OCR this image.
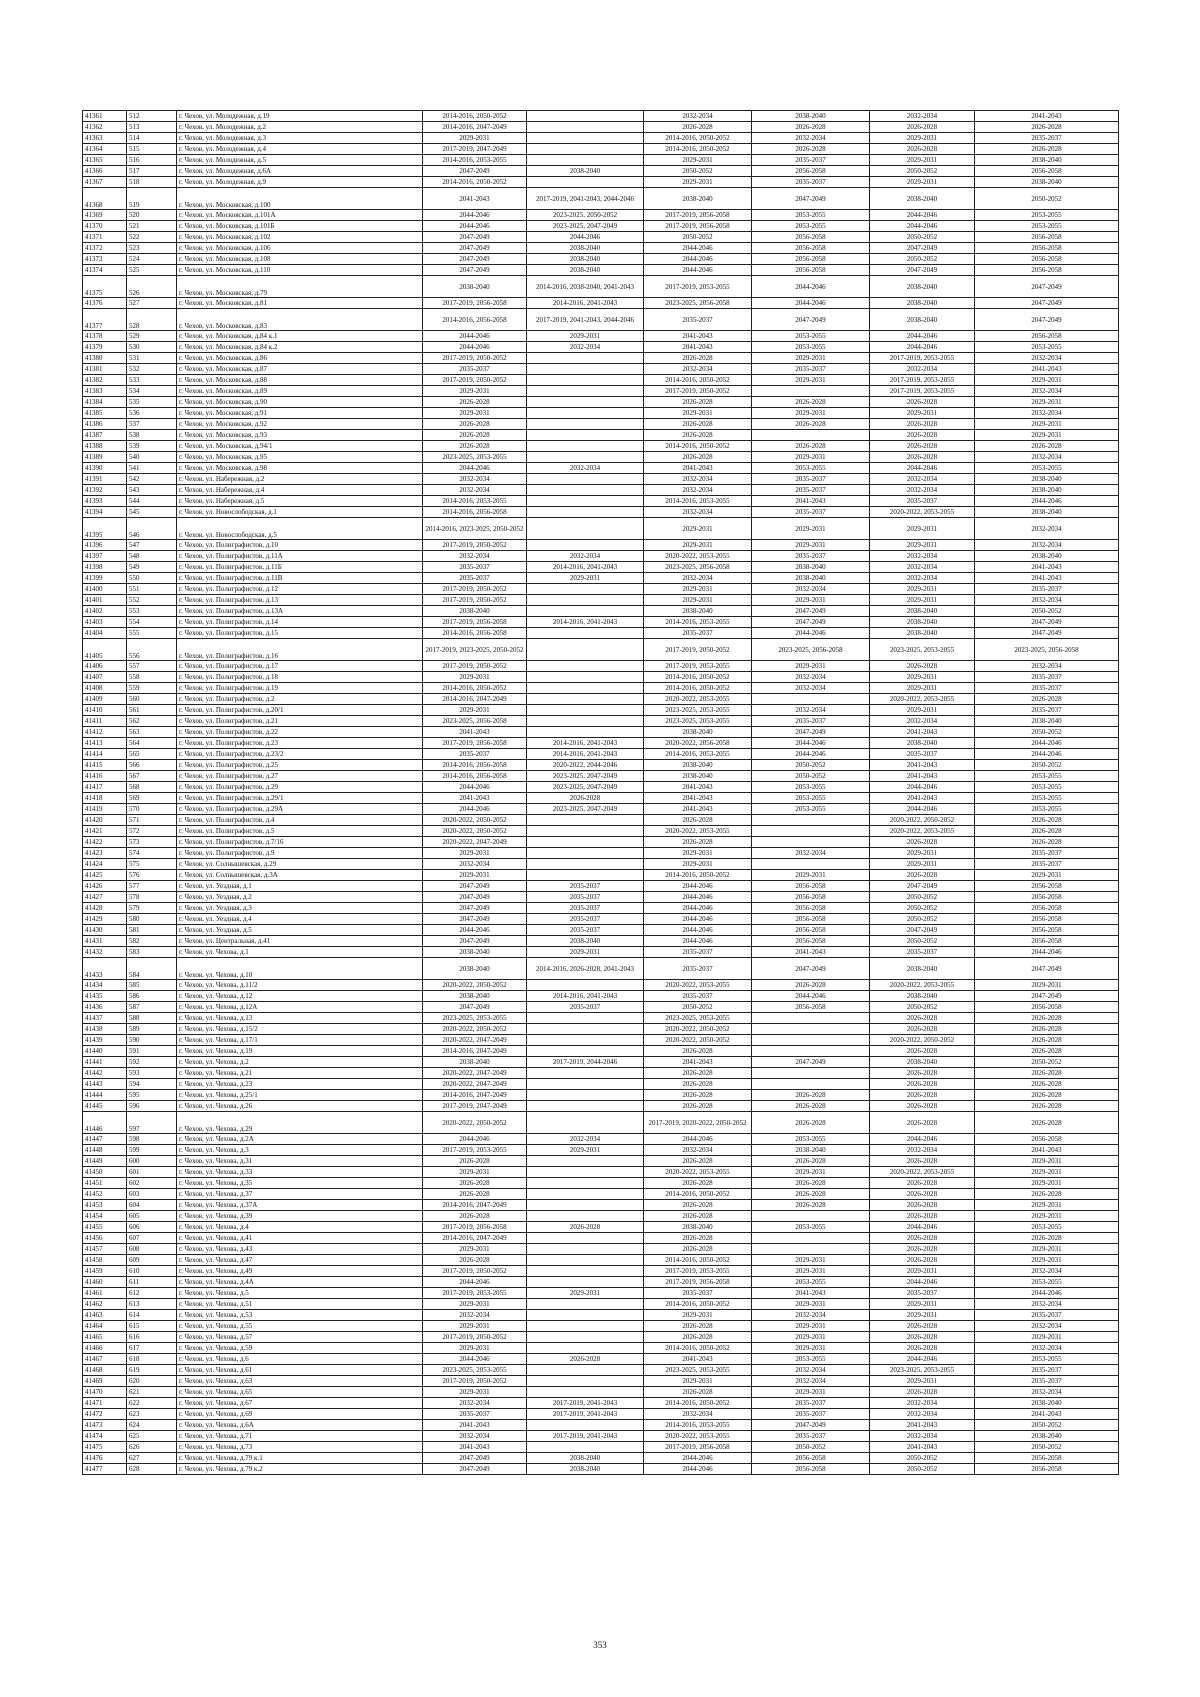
41361	512	г. Чехов, ул. Молодежная, д.19	2014-2016, 2050-2052		2032-2034	2038-2040	2032-2034	2041-2043
41362	513	г. Чехов, ул. Молодежная, д.2	2014-2016, 2047-2049		2026-2028	2026-2028	2026-2028	2026-2028
41363	514	г. Чехов, ул. Молодежная, д.3	2029-2031		2014-2016, 2050-2052	2032-2034	2029-2031	2035-2037
41364	515	г. Чехов, ул. Молодежная, д.4	2017-2019, 2047-2049		2014-2016, 2050-2052	2026-2028	2026-2028	2026-2028
41365	516	г. Чехов, ул. Молодежная, д.5	2014-2016, 2053-2055		2029-2031	2035-2037	2029-2031	2038-2040
41366	517	г. Чехов, ул. Молодежная, д.6А	2047-2049	2038-2040	2050-2052	2056-2058	2050-2052	2056-2058
41367	518	г. Чехов, ул. Молодежная, д.9	2014-2016, 2050-2052		2029-2031	2035-2037	2029-2031	2038-2040
41368	519	г. Чехов, ул. Московская, д.100	2041-2043	2017-2019, 2041-2043, 2044-2046	2038-2040	2047-2049	2038-2040	2050-2052
41369	520	г. Чехов, ул. Московская, д.101А	2044-2046	2023-2025, 2050-2052	2017-2019, 2056-2058	2053-2055	2044-2046	2053-2055
41370	521	г. Чехов, ул. Московская, д.101Б	2044-2046	2023-2025, 2047-2049	2017-2019, 2056-2058	2053-2055	2044-2046	2053-2055
41371	522	г. Чехов, ул. Московская, д.102	2047-2049	2044-2046	2050-2052	2056-2058	2050-2052	2056-2058
41372	523	г. Чехов, ул. Московская, д.106	2047-2049	2038-2040	2044-2046	2056-2058	2047-2049	2056-2058
41373	524	г. Чехов, ул. Московская, д.108	2047-2049	2038-2040	2044-2046	2056-2058	2050-2052	2056-2058
41374	525	г. Чехов, ул. Московская, д.110	2047-2049	2038-2040	2044-2046	2056-2058	2047-2049	2056-2058
41375	526	г. Чехов, ул. Московская, д.79	2038-2040	2014-2016, 2038-2040, 2041-2043	2017-2019, 2053-2055	2044-2046	2038-2040	2047-2049
41376	527	г. Чехов, ул. Московская, д.81	2017-2019, 2056-2058	2014-2016, 2041-2043	2023-2025, 2056-2058	2044-2046	2038-2040	2047-2049
41377	528	г. Чехов, ул. Московская, д.83	2014-2016, 2056-2058	2017-2019, 2041-2043, 2044-2046	2035-2037	2047-2049	2038-2040	2047-2049
41378	529	г. Чехов, ул. Московская, д.84 к.1	2044-2046	2029-2031	2041-2043	2053-2055	2044-2046	2056-2058
41379	530	г. Чехов, ул. Московская, д.84 к.2	2044-2046	2032-2034	2041-2043	2053-2055	2044-2046	2053-2055
41380	531	г. Чехов, ул. Московская, д.86	2017-2019, 2050-2052		2026-2028	2029-2031	2017-2019, 2053-2055	2032-2034
41381	532	г. Чехов, ул. Московская, д.87	2035-2037		2032-2034	2035-2037	2032-2034	2041-2043
41382	533	г. Чехов, ул. Московская, д.88	2017-2019, 2050-2052		2014-2016, 2050-2052	2029-2031	2017-2019, 2053-2055	2029-2031
41383	534	г. Чехов, ул. Московская, д.89	2029-2031		2017-2019, 2050-2052		2017-2019, 2053-2055	2032-2034
41384	535	г. Чехов, ул. Московская, д.90	2026-2028		2026-2028	2026-2028	2026-2028	2029-2031
41385	536	г. Чехов, ул. Московская, д.91	2029-2031		2029-2031	2029-2031	2029-2031	2032-2034
41386	537	г. Чехов, ул. Московская, д.92	2026-2028		2026-2028	2026-2028	2026-2028	2029-2031
41387	538	г. Чехов, ул. Московская, д.93	2026-2028		2026-2028		2026-2028	2029-2031
41388	539	г. Чехов, ул. Московская, д.94/1	2026-2028		2014-2016, 2050-2052	2026-2028	2026-2028	2026-2028
41389	540	г. Чехов, ул. Московская, д.95	2023-2025, 2053-2055		2026-2028	2029-2031	2026-2028	2032-2034
41390	541	г. Чехов, ул. Московская, д.98	2044-2046	2032-2034	2041-2043	2053-2055	2044-2046	2053-2055
41391	542	г. Чехов, ул. Набережная, д.2	2032-2034		2032-2034	2035-2037	2032-2034	2038-2040
41392	543	г. Чехов, ул. Набережная, д.4	2032-2034		2032-2034	2035-2037	2032-2034	2038-2040
41393	544	г. Чехов, ул. Набережная, д.5	2014-2016, 2053-2055		2014-2016, 2053-2055	2041-2043	2035-2037	2044-2046
41394	545	г. Чехов, ул. Новослободская, д.1	2014-2016, 2056-2058		2032-2034	2035-2037	2020-2022, 2053-2055	2038-2040
41395	546	г. Чехов, ул. Новослободская, д.5	2014-2016, 2023-2025, 2050-2052		2029-2031	2029-2031	2029-2031	2032-2034
41396	547	г. Чехов, ул. Полиграфистов, д.10	2017-2019, 2050-2052		2029-2031	2029-2031	2029-2031	2032-2034
41397	548	г. Чехов, ул. Полиграфистов, д.11А	2032-2034	2032-2034	2020-2022, 2053-2055	2035-2037	2032-2034	2038-2040
41398	549	г. Чехов, ул. Полиграфистов, д.11Б	2035-2037	2014-2016, 2041-2043	2023-2025, 2056-2058	2038-2040	2032-2034	2041-2043
41399	550	г. Чехов, ул. Полиграфистов, д.11В	2035-2037	2029-2031	2032-2034	2038-2040	2032-2034	2041-2043
41400	551	г. Чехов, ул. Полиграфистов, д.12	2017-2019, 2050-2052		2029-2031	2032-2034	2029-2031	2035-2037
41401	552	г. Чехов, ул. Полиграфистов, д.13	2017-2019, 2050-2052		2029-2031	2029-2031	2029-2031	2032-2034
41402	553	г. Чехов, ул. Полиграфистов, д.13А	2038-2040		2038-2040	2047-2049	2038-2040	2050-2052
41403	554	г. Чехов, ул. Полиграфистов, д.14	2017-2019, 2056-2058	2014-2016, 2041-2043	2014-2016, 2053-2055	2047-2049	2038-2040	2047-2049
41404	555	г. Чехов, ул. Полиграфистов, д.15	2014-2016, 2056-2058		2035-2037	2044-2046	2038-2040	2047-2049
41405	556	г. Чехов, ул. Полиграфистов, д.16	2017-2019, 2023-2025, 2050-2052		2017-2019, 2050-2052	2023-2025, 2056-2058	2023-2025, 2053-2055	2023-2025, 2056-2058
41406	557	г. Чехов, ул. Полиграфистов, д.17	2017-2019, 2050-2052		2017-2019, 2053-2055	2029-2031	2026-2028	2032-2034
41407	558	г. Чехов, ул. Полиграфистов, д.18	2029-2031		2014-2016, 2050-2052	2032-2034	2029-2031	2035-2037
41408	559	г. Чехов, ул. Полиграфистов, д.19	2014-2016, 2050-2052		2014-2016, 2050-2052	2032-2034	2029-2031	2035-2037
41409	560	г. Чехов, ул. Полиграфистов, д.2	2014-2016, 2047-2049		2020-2022, 2053-2055		2020-2022, 2053-2055	2026-2028
41410	561	г. Чехов, ул. Полиграфистов, д.20/1	2029-2031		2023-2025, 2053-2055	2032-2034	2029-2031	2035-2037
41411	562	г. Чехов, ул. Полиграфистов, д.21	2023-2025, 2056-2058		2023-2025, 2053-2055	2035-2037	2032-2034	2038-2040
41412	563	г. Чехов, ул. Полиграфистов, д.22	2041-2043		2038-2040	2047-2049	2041-2043	2050-2052
41413	564	г. Чехов, ул. Полиграфистов, д.23	2017-2019, 2056-2058	2014-2016, 2041-2043	2020-2022, 2056-2058	2044-2046	2038-2040	2044-2046
41414	565	г. Чехов, ул. Полиграфистов, д.23/2	2035-2037	2014-2016, 2041-2043	2014-2016, 2053-2055	2044-2046	2035-2037	2044-2046
41415	566	г. Чехов, ул. Полиграфистов, д.25	2014-2016, 2056-2058	2020-2022, 2044-2046	2038-2040	2050-2052	2041-2043	2050-2052
41416	567	г. Чехов, ул. Полиграфистов, д.27	2014-2016, 2056-2058	2023-2025, 2047-2049	2038-2040	2050-2052	2041-2043	2053-2055
41417	568	г. Чехов, ул. Полиграфистов, д.29	2044-2046	2023-2025, 2047-2049	2041-2043	2053-2055	2044-2046	2053-2055
41418	569	г. Чехов, ул. Полиграфистов, д.29/1	2041-2043	2026-2028	2041-2043	2053-2055	2041-2043	2053-2055
41419	570	г. Чехов, ул. Полиграфистов, д.29А	2044-2046	2023-2025, 2047-2049	2041-2043	2053-2055	2044-2046	2053-2055
41420	571	г. Чехов, ул. Полиграфистов, д.4	2020-2022, 2050-2052		2026-2028		2020-2022, 2050-2052	2026-2028
41421	572	г. Чехов, ул. Полиграфистов, д.5	2020-2022, 2050-2052		2020-2022, 2053-2055		2020-2022, 2053-2055	2026-2028
41422	573	г. Чехов, ул. Полиграфистов, д.7/16	2020-2022, 2047-2049		2026-2028		2026-2028	2026-2028
41423	574	г. Чехов, ул. Полиграфистов, д.9	2029-2031		2029-2031	2032-2034	2029-2031	2035-2037
41424	575	г. Чехов, ул. Солнышевская, д.29	2032-2034		2029-2031		2029-2031	2035-2037
41425	576	г. Чехов, ул. Солнышевская, д.3А	2029-2031		2014-2016, 2050-2052	2029-2031	2026-2028	2029-2031
41426	577	г. Чехов, ул. Уездная, д.1	2047-2049	2035-2037	2044-2046	2056-2058	2047-2049	2056-2058
41427	578	г. Чехов, ул. Уездная, д.2	2047-2049	2035-2037	2044-2046	2056-2058	2050-2052	2056-2058
41428	579	г. Чехов, ул. Уездная, д.3	2047-2049	2035-2037	2044-2046	2056-2058	2050-2052	2056-2058
41429	580	г. Чехов, ул. Уездная, д.4	2047-2049	2035-2037	2044-2046	2056-2058	2050-2052	2056-2058
41430	581	г. Чехов, ул. Уездная, д.5	2044-2046	2035-2037	2044-2046	2056-2058	2047-2049	2056-2058
41431	582	г. Чехов, ул. Центральная, д.41	2047-2049	2038-2040	2044-2046	2056-2058	2050-2052	2056-2058
41432	583	г. Чехов, ул. Чехова, д.1	2038-2040	2029-2031	2035-2037	2041-2043	2035-2037	2044-2046
41433	584	г. Чехов, ул. Чехова, д.10	2038-2040	2014-2016, 2026-2028, 2041-2043	2035-2037	2047-2049	2038-2040	2047-2049
41434	585	г. Чехов, ул. Чехова, д.11/2	2020-2022, 2050-2052		2020-2022, 2053-2055	2026-2028	2020-2022, 2053-2055	2029-2031
41435	586	г. Чехов, ул. Чехова, д.12	2038-2040	2014-2016, 2041-2043	2035-2037	2044-2046	2038-2040	2047-2049
41436	587	г. Чехов, ул. Чехова, д.12А	2047-2049	2035-2037	2050-2052	2056-2058	2050-2052	2056-2058
41437	588	г. Чехов, ул. Чехова, д.13	2023-2025, 2053-2055		2023-2025, 2053-2055		2026-2028	2026-2028
41438	589	г. Чехов, ул. Чехова, д.15/2	2020-2022, 2050-2052		2020-2022, 2050-2052		2026-2028	2026-2028
41439	590	г. Чехов, ул. Чехова, д.17/1	2020-2022, 2047-2049		2020-2022, 2050-2052		2020-2022, 2050-2052	2026-2028
41440	591	г. Чехов, ул. Чехова, д.19	2014-2016, 2047-2049		2026-2028		2026-2028	2026-2028
41441	592	г. Чехов, ул. Чехова, д.2	2038-2040	2017-2019, 2044-2046	2041-2043	2047-2049	2038-2040	2050-2052
41442	593	г. Чехов, ул. Чехова, д.21	2020-2022, 2047-2049		2026-2028		2026-2028	2026-2028
41443	594	г. Чехов, ул. Чехова, д.23	2020-2022, 2047-2049		2026-2028		2026-2028	2026-2028
41444	595	г. Чехов, ул. Чехова, д.25/1	2014-2016, 2047-2049		2026-2028	2026-2028	2026-2028	2026-2028
41445	596	г. Чехов, ул. Чехова, д.26	2017-2019, 2047-2049		2026-2028	2026-2028	2026-2028	2026-2028
41446	597	г. Чехов, ул. Чехова, д.29	2020-2022, 2050-2052		2017-2019, 2020-2022, 2050-2052	2026-2028	2026-2028	2026-2028
41447	598	г. Чехов, ул. Чехова, д.2А	2044-2046	2032-2034	2044-2046	2053-2055	2044-2046	2056-2058
41448	599	г. Чехов, ул. Чехова, д.3	2017-2019, 2053-2055	2029-2031	2032-2034	2038-2040	2032-2034	2041-2043
41449	600	г. Чехов, ул. Чехова, д.31	2026-2028		2026-2028	2026-2028	2026-2028	2029-2031
41450	601	г. Чехов, ул. Чехова, д.33	2029-2031		2020-2022, 2053-2055	2029-2031	2020-2022, 2053-2055	2029-2031
41451	602	г. Чехов, ул. Чехова, д.35	2026-2028		2026-2028	2026-2028	2026-2028	2029-2031
41452	603	г. Чехов, ул. Чехова, д.37	2026-2028		2014-2016, 2050-2052	2026-2028	2026-2028	2026-2028
41453	604	г. Чехов, ул. Чехова, д.37А	2014-2016, 2047-2049		2026-2028	2026-2028	2026-2028	2029-2031
41454	605	г. Чехов, ул. Чехова, д.39	2026-2028		2026-2028		2026-2028	2029-2031
41455	606	г. Чехов, ул. Чехова, д.4	2017-2019, 2056-2058	2026-2028	2038-2040	2053-2055	2044-2046	2053-2055
41456	607	г. Чехов, ул. Чехова, д.41	2014-2016, 2047-2049		2026-2028		2026-2028	2026-2028
41457	608	г. Чехов, ул. Чехова, д.43	2029-2031		2026-2028		2026-2028	2029-2031
41458	609	г. Чехов, ул. Чехова, д.47	2026-2028		2014-2016, 2050-2052	2029-2031	2026-2028	2029-2031
41459	610	г. Чехов, ул. Чехова, д.49	2017-2019, 2050-2052		2017-2019, 2053-2055	2029-2031	2029-2031	2032-2034
41460	611	г. Чехов, ул. Чехова, д.4А	2044-2046		2017-2019, 2056-2058	2053-2055	2044-2046	2053-2055
41461	612	г. Чехов, ул. Чехова, д.5	2017-2019, 2053-2055	2029-2031	2035-2037	2041-2043	2035-2037	2044-2046
41462	613	г. Чехов, ул. Чехова, д.51	2029-2031		2014-2016, 2050-2052	2029-2031	2029-2031	2032-2034
41463	614	г. Чехов, ул. Чехова, д.53	2032-2034		2029-2031	2032-2034	2029-2031	2035-2037
41464	615	г. Чехов, ул. Чехова, д.55	2029-2031		2026-2028	2029-2031	2026-2028	2032-2034
41465	616	г. Чехов, ул. Чехова, д.57	2017-2019, 2050-2052		2026-2028	2029-2031	2026-2028	2029-2031
41466	617	г. Чехов, ул. Чехова, д.59	2029-2031		2014-2016, 2050-2052	2029-2031	2026-2028	2032-2034
41467	618	г. Чехов, ул. Чехова, д.6	2044-2046	2026-2028	2041-2043	2053-2055	2044-2046	2053-2055
41468	619	г. Чехов, ул. Чехова, д.61	2023-2025, 2053-2055		2023-2025, 2053-2055	2032-2034	2023-2025, 2053-2055	2035-2037
41469	620	г. Чехов, ул. Чехова, д.63	2017-2019, 2050-2052		2029-2031	2032-2034	2029-2031	2035-2037
41470	621	г. Чехов, ул. Чехова, д.65	2029-2031		2026-2028	2029-2031	2026-2028	2032-2034
41471	622	г. Чехов, ул. Чехова, д.67	2032-2034	2017-2019, 2041-2043	2014-2016, 2050-2052	2035-2037	2032-2034	2038-2040
41472	623	г. Чехов, ул. Чехова, д.69	2035-2037	2017-2019, 2041-2043	2032-2034	2035-2037	2032-2034	2041-2043
41473	624	г. Чехов, ул. Чехова, д.6А	2041-2043		2014-2016, 2053-2055	2047-2049	2041-2043	2050-2052
41474	625	г. Чехов, ул. Чехова, д.71	2032-2034	2017-2019, 2041-2043	2020-2022, 2053-2055	2035-2037	2032-2034	2038-2040
41475	626	г. Чехов, ул. Чехова, д.73	2041-2043		2017-2019, 2056-2058	2050-2052	2041-2043	2050-2052
41476	627	г. Чехов, ул. Чехова, д.79 к.1	2047-2049	2038-2040	2044-2046	2056-2058	2050-2052	2056-2058
41477	628	г. Чехов, ул. Чехова, д.79 к.2	2047-2049	2038-2040	2044-2046	2056-2058	2050-2052	2056-2058
353
